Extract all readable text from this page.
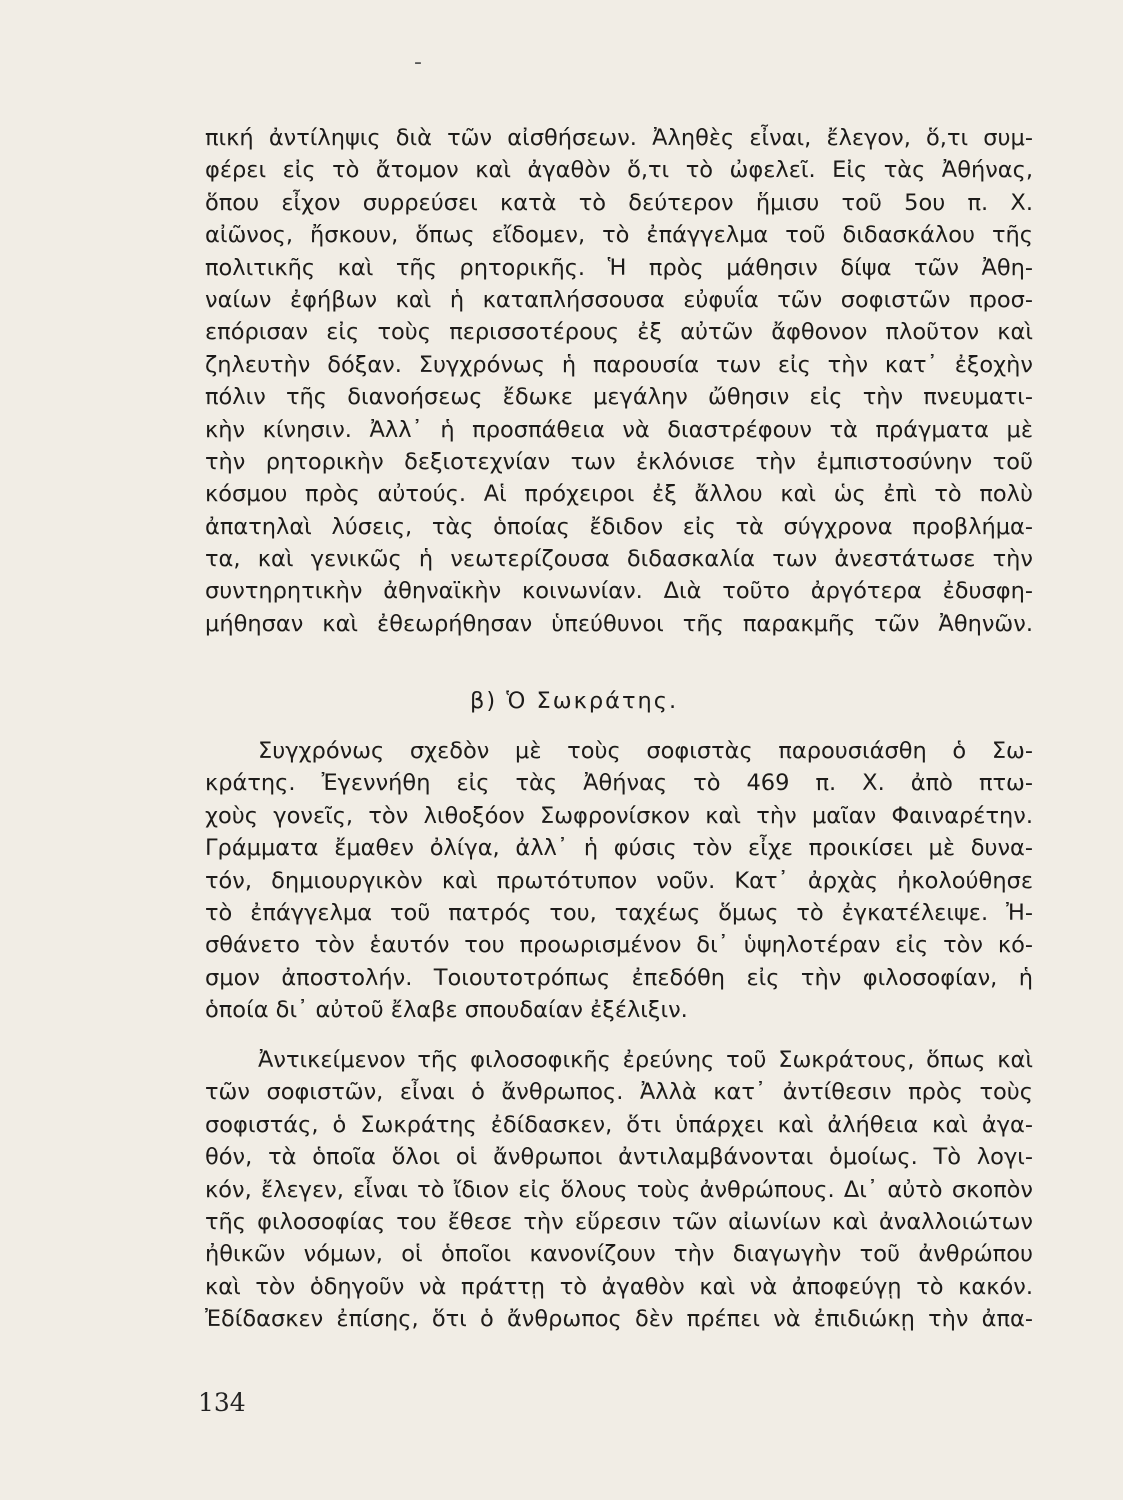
-
πική ἀντίληψις διὰ τῶν αἰσθήσεων. Ἀληθὲς εἶναι, ἔλεγον, ὅ,τι συμ-
φέρει εἰς τὸ ἄτομον καὶ ἀγαθὸν ὅ,τι τὸ ὠφελεῖ. Εἰς τὰς Ἀθήνας,
ὅπου εἶχον συρρεύσει κατὰ τὸ δεύτερον ἥμισυ τοῦ 5ου π. Χ.
αἰῶνος, ἤσκουν, ὅπως εἴδομεν, τὸ ἐπάγγελμα τοῦ διδασκάλου τῆς
πολιτικῆς καὶ τῆς ρητορικῆς. Ἡ πρὸς μάθησιν δίψα τῶν Ἀθη-
ναίων ἐφήβων καὶ ἡ καταπλήσσουσα εὐφυΐα τῶν σοφιστῶν προσ-
επόρισαν εἰς τοὺς περισσοτέρους ἐξ αὐτῶν ἄφθονον πλοῦτον καὶ
ζηλευτὴν δόξαν. Συγχρόνως ἡ παρουσία των εἰς τὴν κατ᾽ ἐξοχὴν
πόλιν τῆς διανοήσεως ἔδωκε μεγάλην ὤθησιν εἰς τὴν πνευματι-
κὴν κίνησιν. Ἀλλ᾽ ἡ προσπάθεια νὰ διαστρέφουν τὰ πράγματα μὲ
τὴν ρητορικὴν δεξιοτεχνίαν των ἐκλόνισε τὴν ἐμπιστοσύνην τοῦ
κόσμου πρὸς αὐτούς. Αἱ πρόχειροι ἐξ ἄλλου καὶ ὡς ἐπὶ τὸ πολὺ
ἀπατηλαὶ λύσεις, τὰς ὁποίας ἔδιδον εἰς τὰ σύγχρονα προβλήμα-
τα, καὶ γενικῶς ἡ νεωτερίζουσα διδασκαλία των ἀνεστάτωσε τὴν
συντηρητικὴν ἀθηναϊκὴν κοινωνίαν. Διὰ τοῦτο ἀργότερα ἐδυσφη-
μήθησαν καὶ ἐθεωρήθησαν ὑπεύθυνοι τῆς παρακμῆς τῶν Ἀθηνῶν.
β) Ὁ Σωκράτης.
Συγχρόνως σχεδὸν μὲ τοὺς σοφιστὰς παρουσιάσθη ὁ Σω-
κράτης. Ἐγεννήθη εἰς τὰς Ἀθήνας τὸ 469 π. Χ. ἀπὸ πτω-
χοὺς γονεῖς, τὸν λιθοξόον Σωφρονίσκον καὶ τὴν μαῖαν Φαιναρέτην.
Γράμματα ἔμαθεν ὀλίγα, ἀλλ᾽ ἡ φύσις τὸν εἶχε προικίσει μὲ δυνα-
τόν, δημιουργικὸν καὶ πρωτότυπον νοῦν. Κατ᾽ ἀρχὰς ἠκολούθησε
τὸ ἐπάγγελμα τοῦ πατρός του, ταχέως ὅμως τὸ ἐγκατέλειψε. Ἠ-
σθάνετο τὸν ἑαυτόν του προωρισμένον δι᾽ ὑψηλοτέραν εἰς τὸν κό-
σμον ἀποστολήν. Τοιουτοτρόπως ἐπεδόθη εἰς τὴν φιλοσοφίαν, ἡ
ὁποία δι᾽ αὐτοῦ ἔλαβε σπουδαίαν ἐξέλιξιν.
Ἀντικείμενον τῆς φιλοσοφικῆς ἐρεύνης τοῦ Σωκράτους, ὅπως καὶ
τῶν σοφιστῶν, εἶναι ὁ ἄνθρωπος. Ἀλλὰ κατ᾽ ἀντίθεσιν πρὸς τοὺς
σοφιστάς, ὁ Σωκράτης ἐδίδασκεν, ὅτι ὑπάρχει καὶ ἀλήθεια καὶ ἀγα-
θόν, τὰ ὁποῖα ὅλοι οἱ ἄνθρωποι ἀντιλαμβάνονται ὁμοίως. Τὸ λογι-
κόν, ἔλεγεν, εἶναι τὸ ἴδιον εἰς ὅλους τοὺς ἀνθρώπους. Δι᾽ αὐτὸ σκοπὸν
τῆς φιλοσοφίας του ἔθεσε τὴν εὕρεσιν τῶν αἰωνίων καὶ ἀναλλοιώτων
ἠθικῶν νόμων, οἱ ὁποῖοι κανονίζουν τὴν διαγωγὴν τοῦ ἀνθρώπου
καὶ τὸν ὁδηγοῦν νὰ πράττῃ τὸ ἀγαθὸν καὶ νὰ ἀποφεύγῃ τὸ κακόν.
Ἐδίδασκεν ἐπίσης, ὅτι ὁ ἄνθρωπος δὲν πρέπει νὰ ἐπιδιώκῃ τὴν ἀπα-
134
